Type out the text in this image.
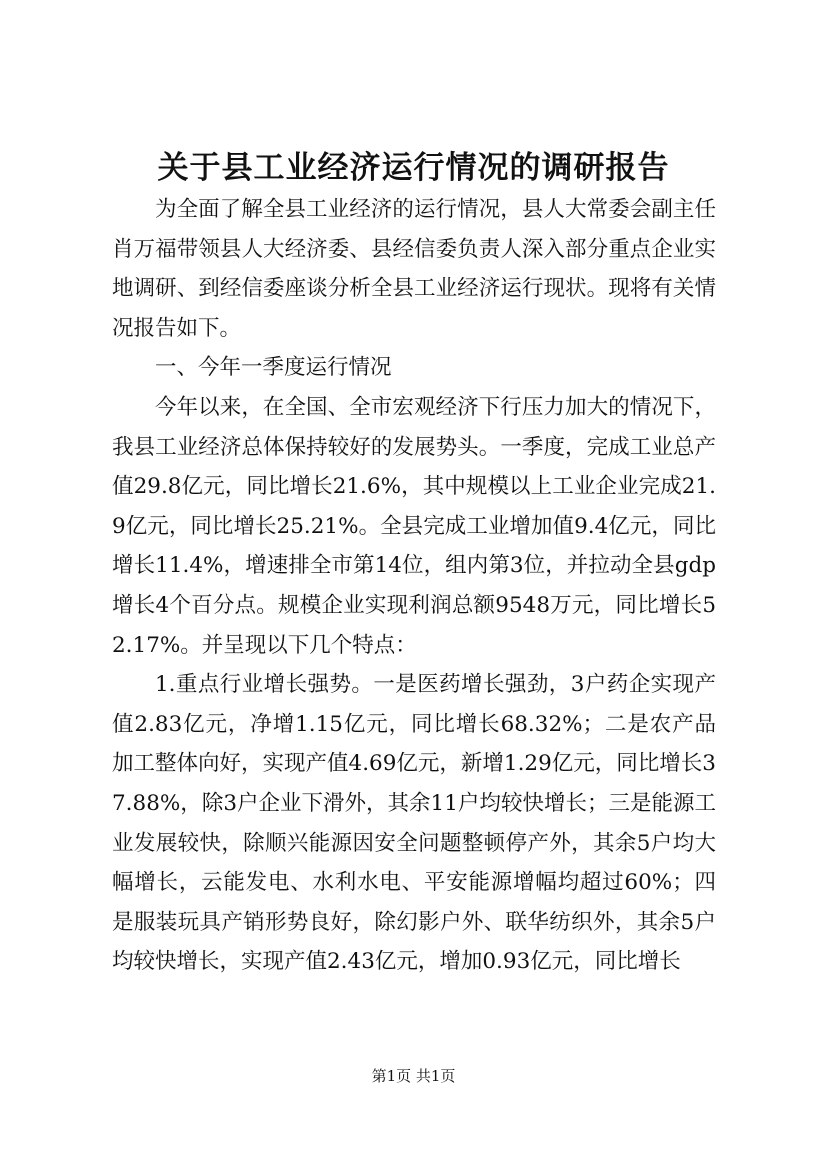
关于县工业经济运行情况的调研报告

为全面了解全县工业经济的运行情况，县人大常委会副主任肖万福带领县人大经济委、县经信委负责人深入部分重点企业实地调研、到经信委座谈分析全县工业经济运行现状。现将有关情况报告如下。

一、今年一季度运行情况

今年以来，在全国、全市宏观经济下行压力加大的情况下，我县工业经济总体保持较好的发展势头。一季度，完成工业总产值29.8亿元，同比增长21.6%，其中规模以上工业企业完成21.9亿元，同比增长25.21%。全县完成工业增加值9.4亿元，同比增长11.4%，增速排全市第14位，组内第3位，并拉动全县gdp增长4个百分点。规模企业实现利润总额9548万元，同比增长52.17%。并呈现以下几个特点：

1.重点行业增长强势。一是医药增长强劲，3户药企实现产值2.83亿元，净增1.15亿元，同比增长68.32%；二是农产品加工整体向好，实现产值4.69亿元，新增1.29亿元，同比增长37.88%，除3户企业下滑外，其余11户均较快增长；三是能源工业发展较快，除顺兴能源因安全问题整顿停产外，其余5户均大幅增长，云能发电、水利水电、平安能源增幅均超过60%；四是服装玩具产销形势良好，除幻影户外、联华纺织外，其余5户均较快增长，实现产值2.43亿元，增加0.93亿元，同比增长

第1页 共1页
